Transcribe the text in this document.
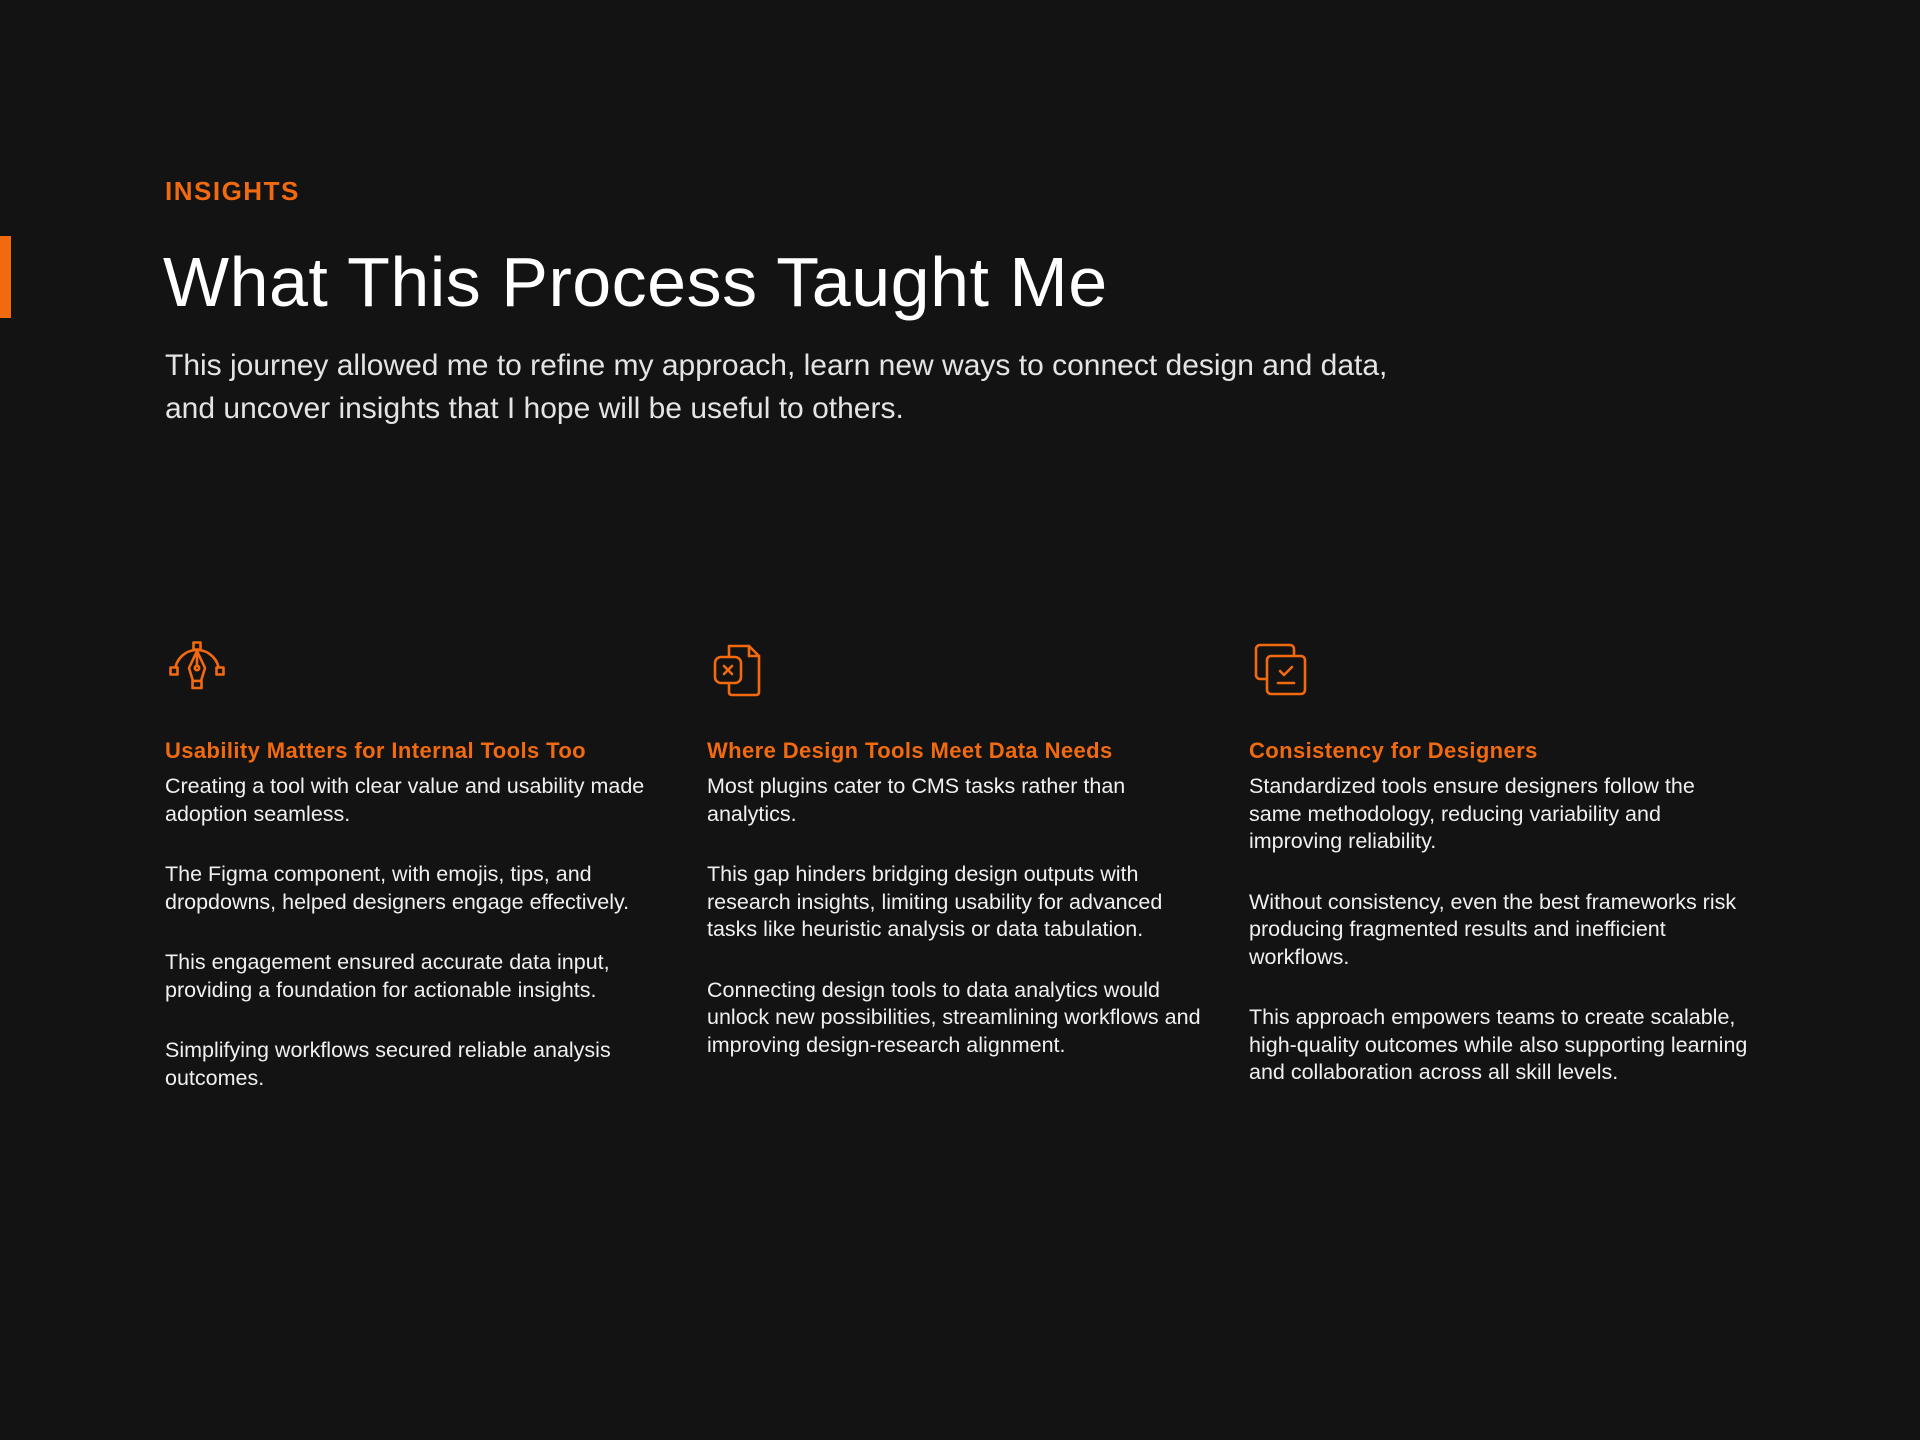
INSIGHTS
What This Process Taught Me

This journey allowed me to refine my approach, learn new ways to connect design and data, and uncover insights that I hope will be useful to others.

Usability Matters for Internal Tools Too

Creating a tool with clear value and usability made adoption seamless.

The Figma component, with emojis, tips, and dropdowns, helped designers engage effectively.

This engagement ensured accurate data input, providing a foundation for actionable insights.

Simplifying workflows secured reliable analysis outcomes.

Where Design Tools Meet Data Needs

Most plugins cater to CMS tasks rather than analytics.

This gap hinders bridging design outputs with research insights, limiting usability for advanced tasks like heuristic analysis or data tabulation.

Connecting design tools to data analytics would unlock new possibilities, streamlining workflows and improving design-research alignment.

Consistency for Designers

Standardized tools ensure designers follow the same methodology, reducing variability and improving reliability.

Without consistency, even the best frameworks risk producing fragmented results and inefficient workflows.

This approach empowers teams to create scalable, high-quality outcomes while also supporting learning and collaboration across all skill levels.
